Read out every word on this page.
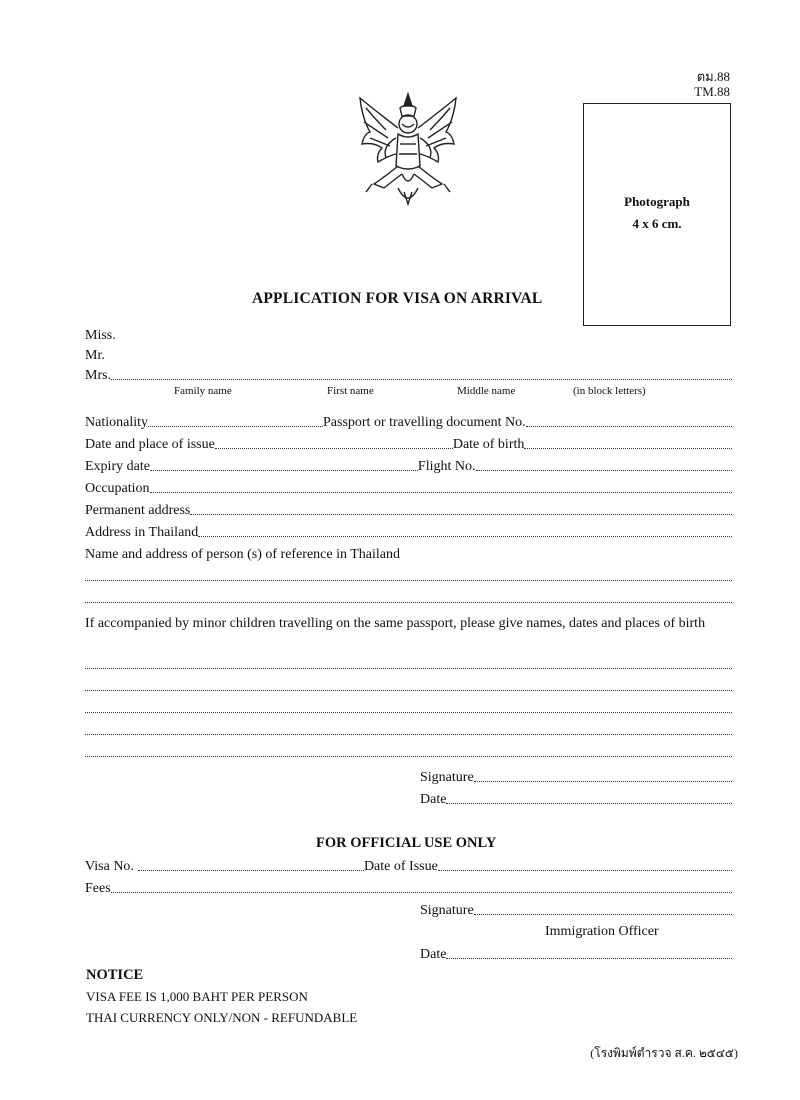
ตม.88
TM.88
Photograph
4 x 6 cm.
APPLICATION FOR VISA ON ARRIVAL
Miss.
Mr.
Mrs.
Family name	First name	Middle name	(in block letters)
Nationality	Passport or travelling document No.
Date and place of issue	Date of birth
Expiry date	Flight No.
Occupation
Permanent address
Address in Thailand
Name and address of person (s) of reference in Thailand
If accompanied by minor children travelling on the same passport, please give names, dates and places of birth
Signature
Date
FOR OFFICIAL USE ONLY
Visa No.	Date of Issue
Fees
Signature
Immigration Officer
Date
NOTICE
VISA FEE IS 1,000 BAHT PER PERSON
THAI CURRENCY ONLY/NON - REFUNDABLE
(โรงพิมพ์ตำรวจ ส.ค. ๒๕๔๕)
